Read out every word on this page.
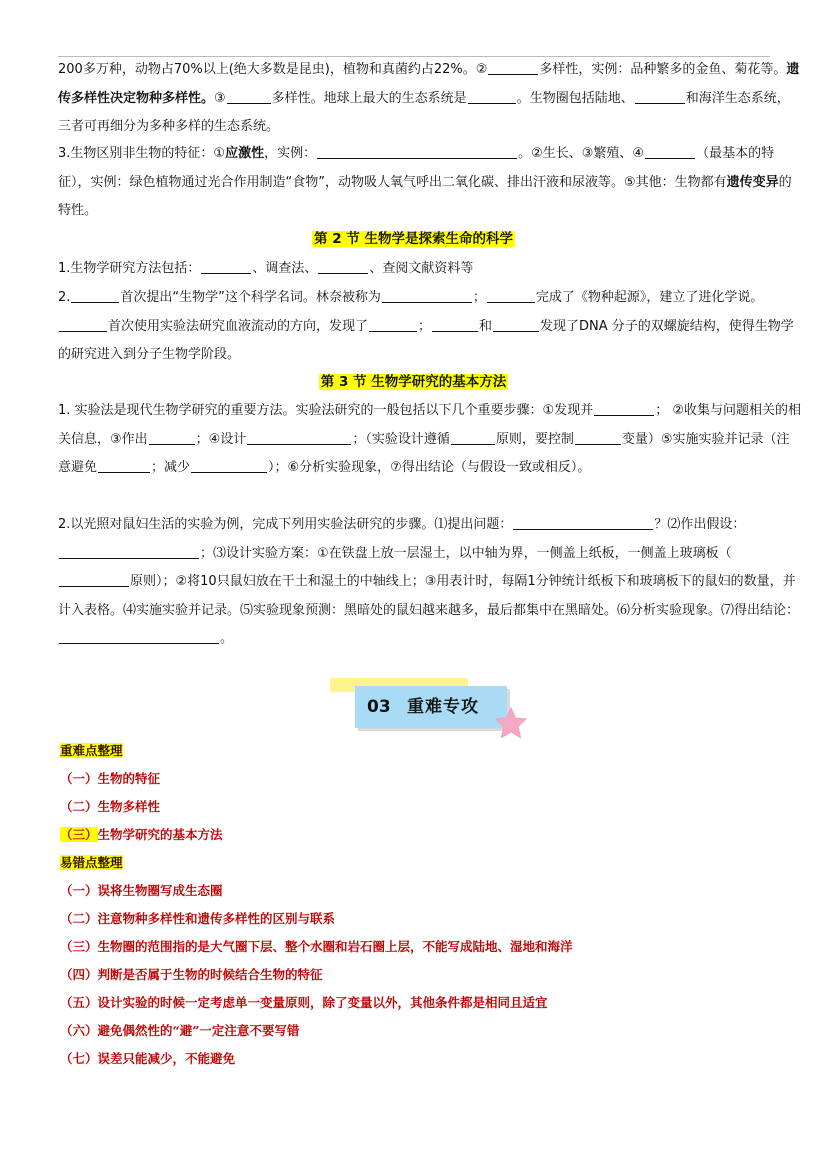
200多万种，动物占70%以上(绝大多数是昆虫)，植物和真菌约占22%。②	多样性，实例：品种繁多的金鱼、菊花等。遗传多样性决定物种多样性。③	多样性。地球上最大的生态系统是	。生物圈包括陆地、	和海洋生态系统，三者可再细分为多种多样的生态系统。
3.生物区别非生物的特征：①应激性，实例：	。②生长、③繁殖、④	（最基本的特征），实例：绿色植物通过光合作用制造“食物”，动物吸人氧气呼出二氧化碳、排出汗液和尿液等。⑤其他：生物都有遗传变异的特性。
第 2 节 生物学是探索生命的科学
1.生物学研究方法包括：	、调查法、	、查阅文献资料等
2.	首次提出“生物学”这个科学名词。林奈被称为	；	完成了《物种起源》，建立了进化学说。首次使用实验法研究血液流动的方向，发现了	；	和	发现了DNA 分子的双螺旋结构，使得生物学的研究进入到分子生物学阶段。
第 3 节 生物学研究的基本方法
1. 实验法是现代生物学研究的重要方法。实验法研究的一般包括以下几个重要步骤：①发现并	； ②收集与问题相关的相关信息，③作出	；④设计	；（实验设计遵循	原则，要控制	变量）⑤实施实验并记录（注意避免	；减少	）；⑥分析实验现象，⑦得出结论（与假设一致或相反）。
2.以光照对鼠妇生活的实验为例，完成下列用实验法研究的步骤。⑴提出问题：	？⑵作出假设：；⑶设计实验方案：①在铁盘上放一层湿土，以中轴为界，一侧盖上纸板，一侧盖上玻璃板（原则）；②将10只鼠妇放在干土和湿土的中轴线上；③用表计时，每隔1分钟统计纸板下和玻璃板下的鼠妇的数量，并计入表格。⑷实施实验并记录。⑸实验现象预测：黑暗处的鼠妇越来越多，最后都集中在黑暗处。⑹分析实验现象。⑺得出结论：。
03 重难专攻
重难点整理
（一）生物的特征
（二）生物多样性
（三）生物学研究的基本方法
易错点整理
（一）误将生物圈写成生态圈
（二）注意物种多样性和遗传多样性的区别与联系
（三）生物圈的范围指的是大气圈下层、整个水圈和岩石圈上层，不能写成陆地、湿地和海洋
（四）判断是否属于生物的时候结合生物的特征
（五）设计实验的时候一定考虑单一变量原则，除了变量以外，其他条件都是相同且适宜
（六）避免偶然性的“避”一定注意不要写错
（七）误差只能减少，不能避免
